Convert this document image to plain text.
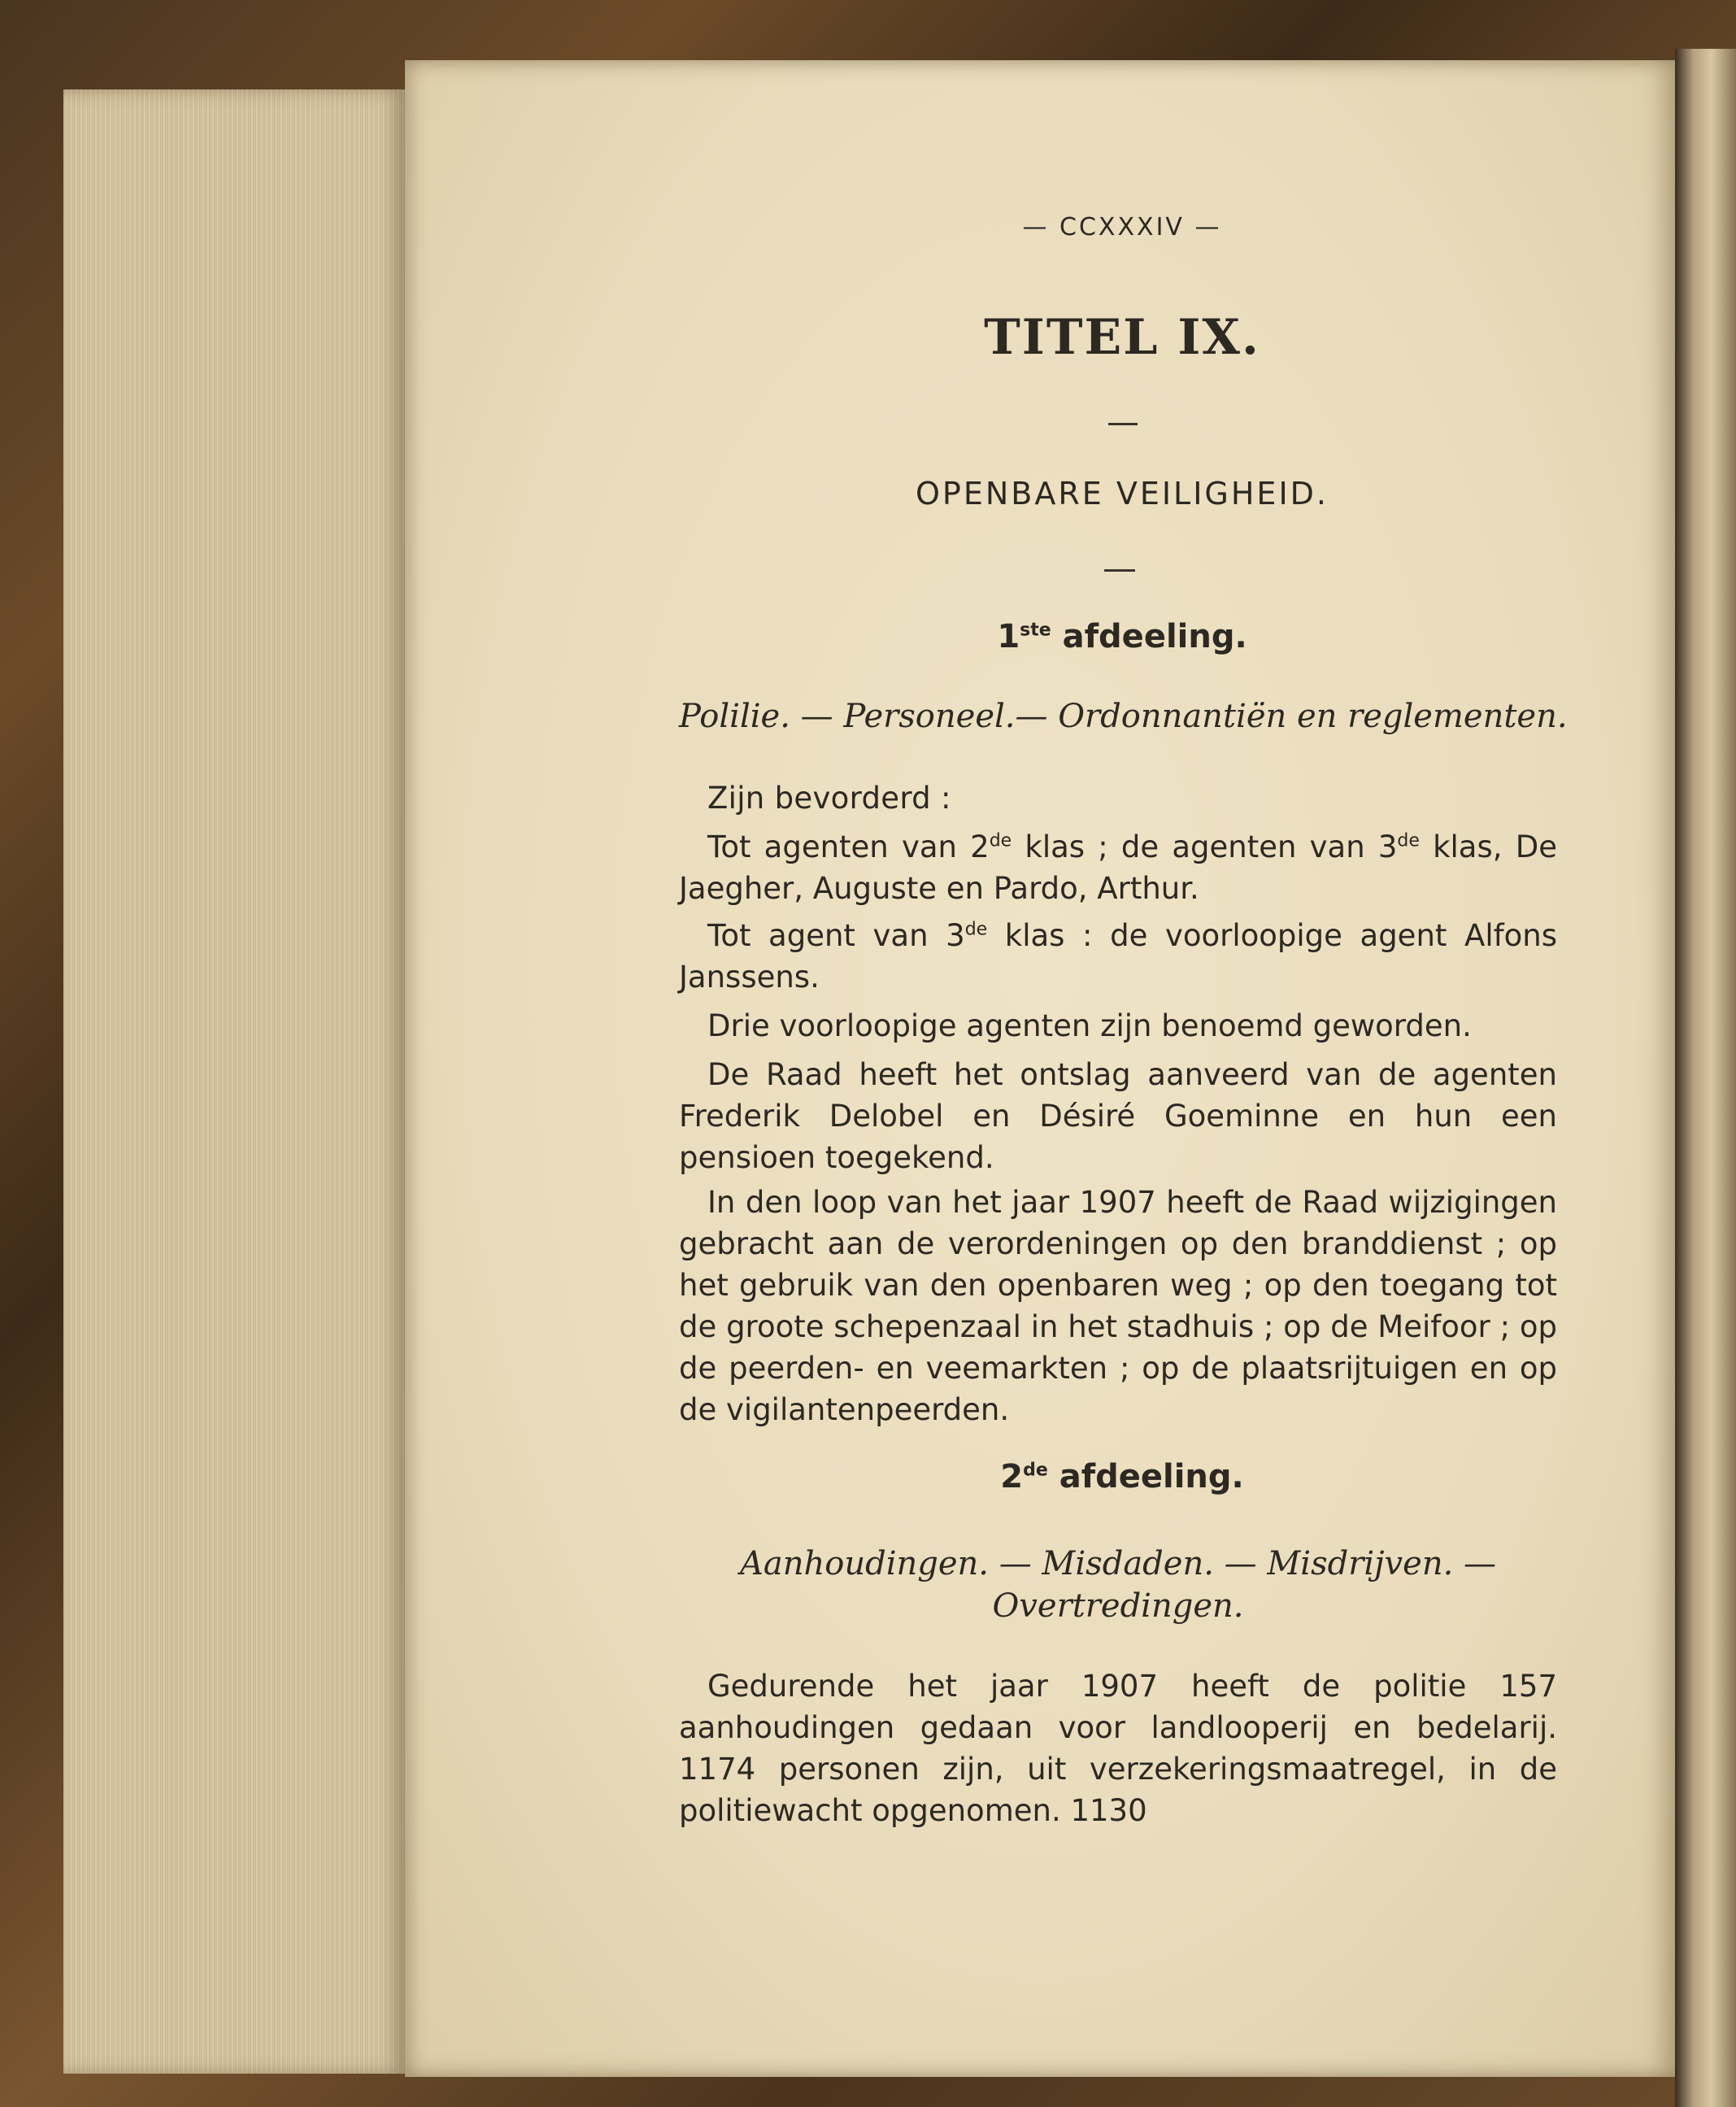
— CCXXXIV —
TITEL IX.
OPENBARE VEILIGHEID.
1ste afdeeling.
Polilie. — Personeel.— Ordonnantiën en reglementen.

Zijn bevorderd :

Tot agenten van 2de klas ; de agenten van 3de klas, De Jaegher, Auguste en Pardo, Arthur.

Tot agent van 3de klas : de voorloopige agent Alfons Janssens.

Drie voorloopige agenten zijn benoemd geworden.

De Raad heeft het ontslag aanveerd van de agenten Frederik Delobel en Désiré Goeminne en hun een pensioen toegekend.

In den loop van het jaar 1907 heeft de Raad wijzigingen gebracht aan de verordeningen op den branddienst ; op het gebruik van den openbaren weg ; op den toegang tot de groote schepenzaal in het stadhuis ; op de Meifoor ; op de peerden- en veemarkten ; op de plaatsrijtuigen en op de vigilantenpeerden.

2de afdeeling.
Aanhoudingen. — Misdaden. — Misdrijven. —
Overtredingen.

Gedurende het jaar 1907 heeft de politie 157 aanhoudingen gedaan voor landlooperij en bedelarij. 1174 personen zijn, uit verzekeringsmaatregel, in de politiewacht opgenomen. 1130
